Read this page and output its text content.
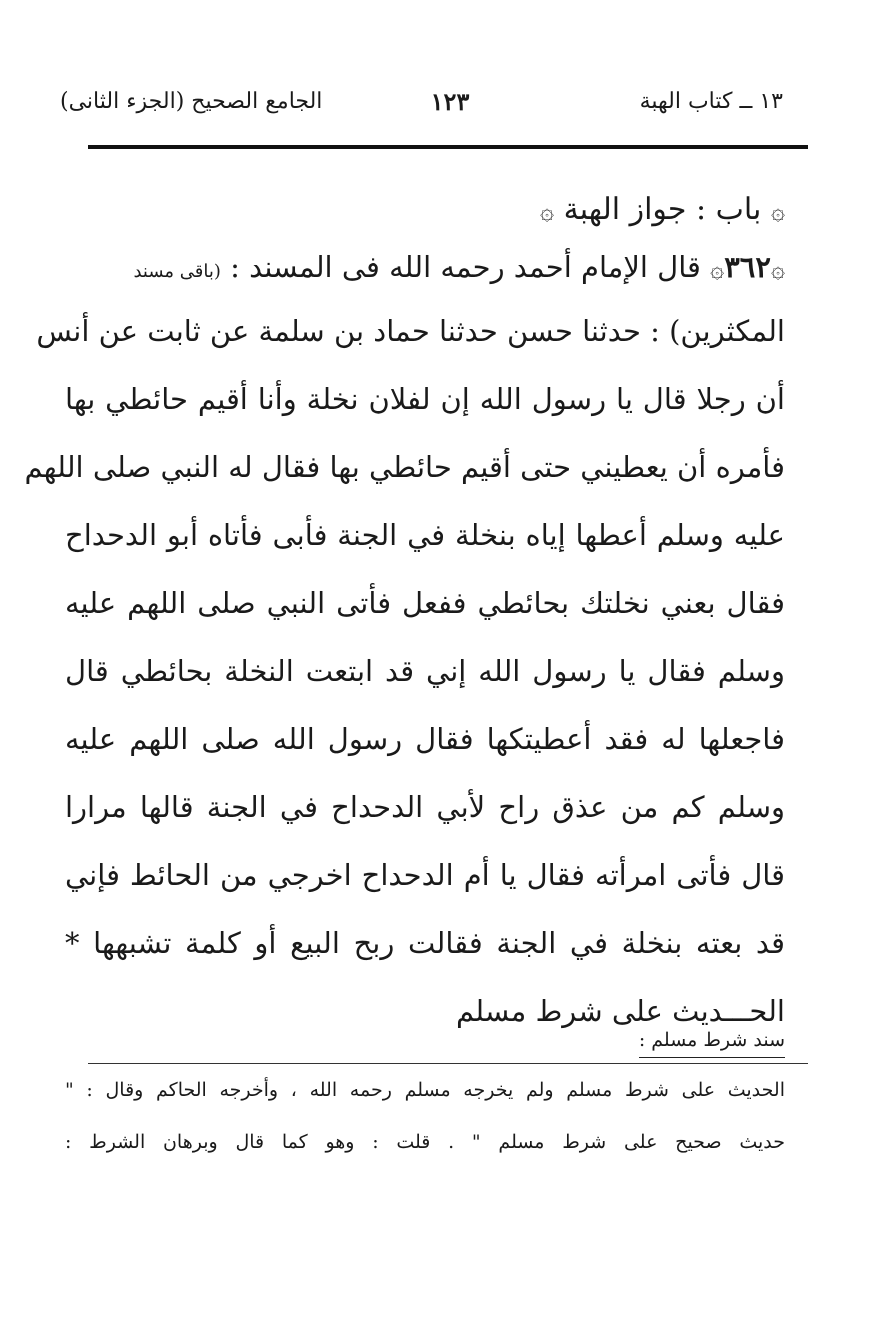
١٣ ــ كتاب الهبة
١٢٣
الجامع الصحيح (الجزء الثانى)
۞ باب : جواز الهبة ۞
۞٣٦٢۞ قال الإمام أحمد رحمه الله فى المسند : (باقى مسند
المكثرين) : حدثنا حسن حدثنا حماد بن سلمة عن ثابت عن أنس
أن رجلا قال يا رسول الله إن لفلان نخلة وأنا أقيم حائطي بها
فأمره أن يعطيني حتى أقيم حائطي بها فقال له النبي صلى اللهم
عليه وسلم أعطها إياه بنخلة في الجنة فأبى فأتاه أبو الدحداح
فقال بعني نخلتك بحائطي ففعل فأتى النبي صلى اللهم عليه
وسلم فقال يا رسول الله إني قد ابتعت النخلة بحائطي قال
فاجعلها له فقد أعطيتكها فقال رسول الله صلى اللهم عليه
وسلم كم من عذق راح لأبي الدحداح في الجنة قالها مرارا
قال فأتى امرأته فقال يا أم الدحداح اخرجي من الحائط فإني
قد بعته بنخلة في الجنة فقالت ربح البيع أو كلمة تشبهها *
الحـــديث على شرط مسلم
سند شرط مسلم :
الحديث على شرط مسلم ولم يخرجه مسلم رحمه الله ، وأخرجه الحاكم وقال : "
حديث صحيح على شرط مسلم " . قلت : وهو كما قال وبرهان الشرط :
